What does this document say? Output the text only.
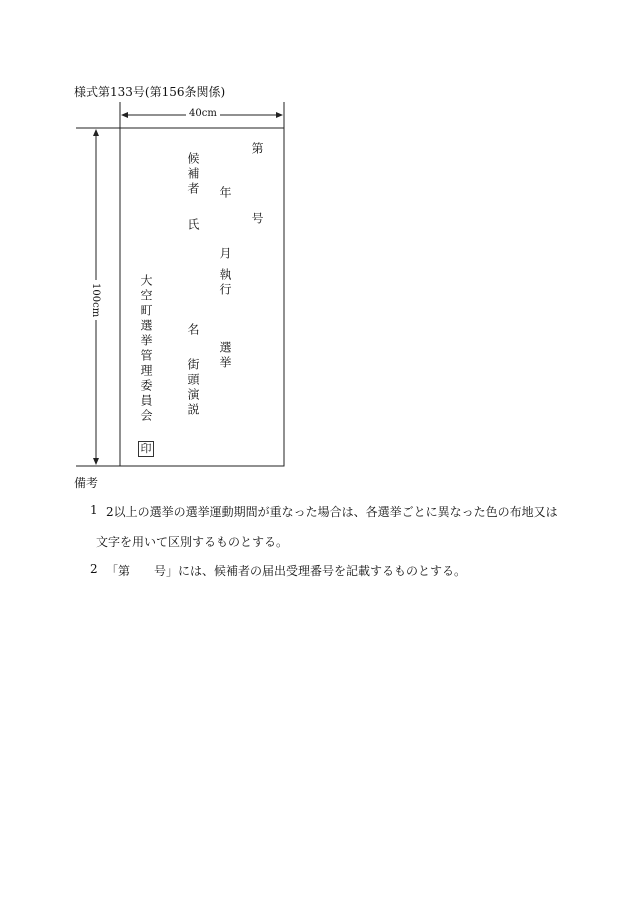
様式第133号(第156条関係)
40cm
100cm
第
号
年
月
執行
選挙
候補者
氏
名
街頭演説
大空町選挙管理委員会
印
備考
1 2以上の選挙の選挙運動期間が重なった場合は、各選挙ごとに異なった色の布地又は
文字を用いて区別するものとする。
2 「第　　号」には、候補者の届出受理番号を記載するものとする。
